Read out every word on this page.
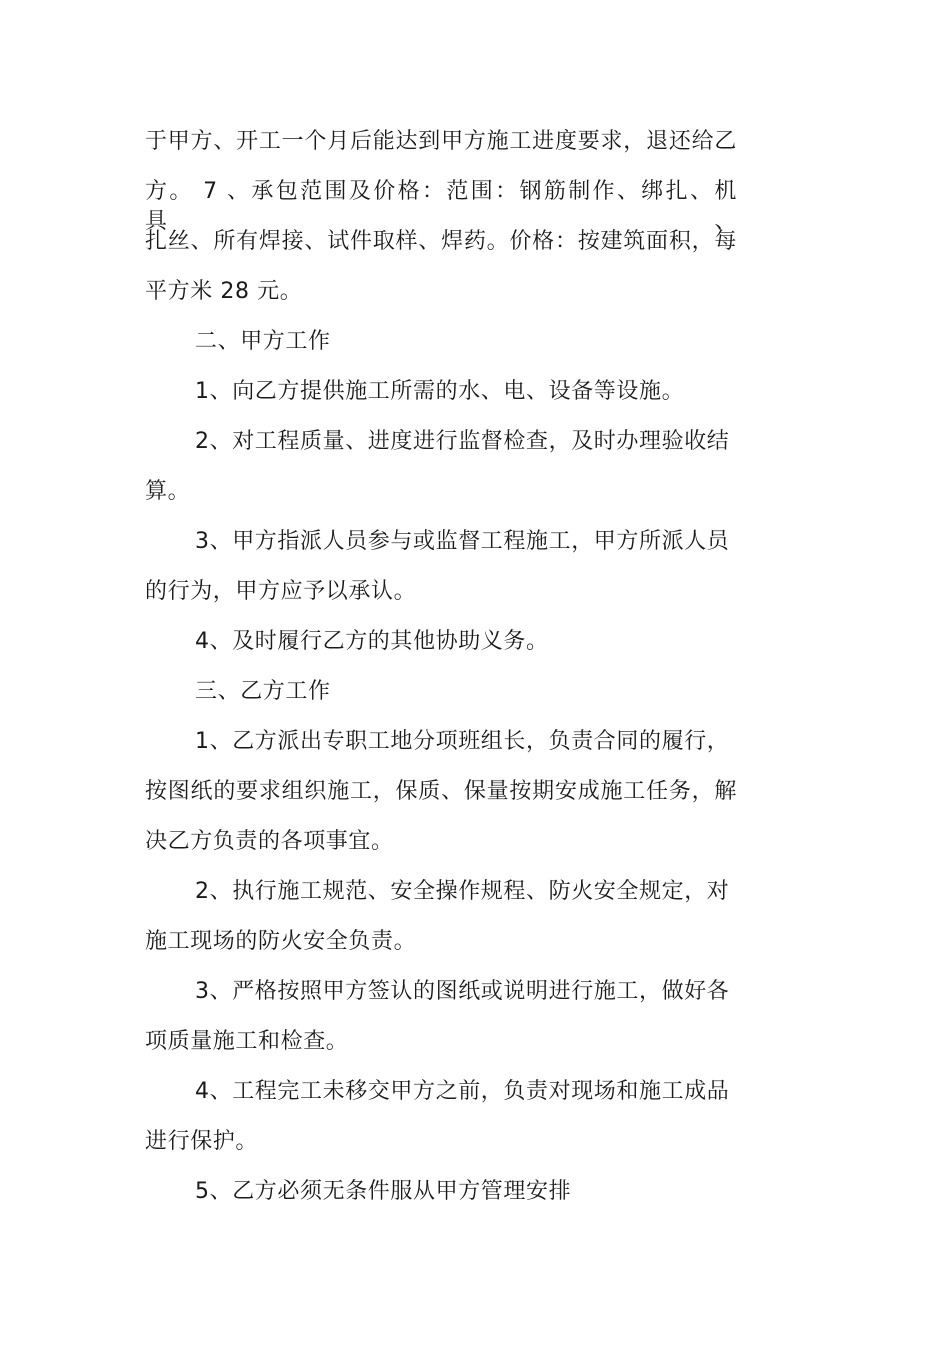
于甲方、开工一个月后能达到甲方施工进度要求，退还给乙
方。 7 、承包范围及价格：范围：钢筋制作、绑扎、机具、
扎丝、所有焊接、试件取样、焊药。价格：按建筑面积，每
平方米 28 元。
二、甲方工作
1、向乙方提供施工所需的水、电、设备等设施。
2、对工程质量、进度进行监督检查，及时办理验收结
算。
3、甲方指派人员参与或监督工程施工，甲方所派人员
的行为，甲方应予以承认。
4、及时履行乙方的其他协助义务。
三、乙方工作
1、乙方派出专职工地分项班组长，负责合同的履行，
按图纸的要求组织施工，保质、保量按期安成施工任务，解
决乙方负责的各项事宜。
2、执行施工规范、安全操作规程、防火安全规定，对
施工现场的防火安全负责。
3、严格按照甲方签认的图纸或说明进行施工，做好各
项质量施工和检查。
4、工程完工未移交甲方之前，负责对现场和施工成品
进行保护。
5、乙方必须无条件服从甲方管理安排
